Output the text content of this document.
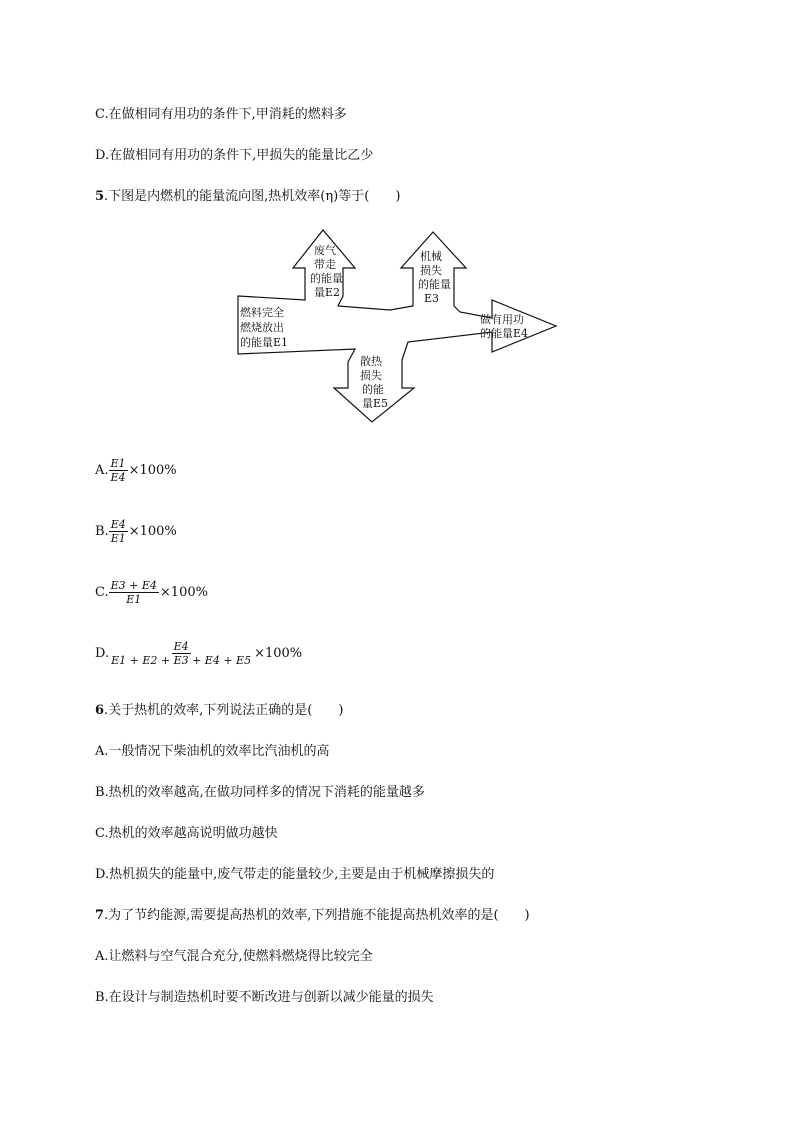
C.在做相同有用功的条件下,甲消耗的燃料多
D.在做相同有用功的条件下,甲损失的能量比乙少
5.下图是内燃机的能量流向图,热机效率(η)等于(　　)
燃料完全
燃烧放出
的能量E1
废气
带走
的能量
量E2
机械
损失
的能量
E3
做有用功
的能量E4
散热
损失
的能
量E5
A. $\frac{E1}{E4} \times 100\%$
B. $\frac{E4}{E1} \times 100\%$
C. $\frac{E3 + E4}{E1} \times 100\%$
D. $\frac{E4}{E1 + E2 + E3 + E4 + E5} \times 100\%$
6.关于热机的效率,下列说法正确的是(　　)
A.一般情况下柴油机的效率比汽油机的高
B.热机的效率越高,在做功同样多的情况下消耗的能量越多
C.热机的效率越高说明做功越快
D.热机损失的能量中,废气带走的能量较少,主要是由于机械摩擦损失的
7.为了节约能源,需要提高热机的效率,下列措施不能提高热机效率的是(　　)
A.让燃料与空气混合充分,使燃料燃烧得比较完全
B.在设计与制造热机时要不断改进与创新以减少能量的损失
